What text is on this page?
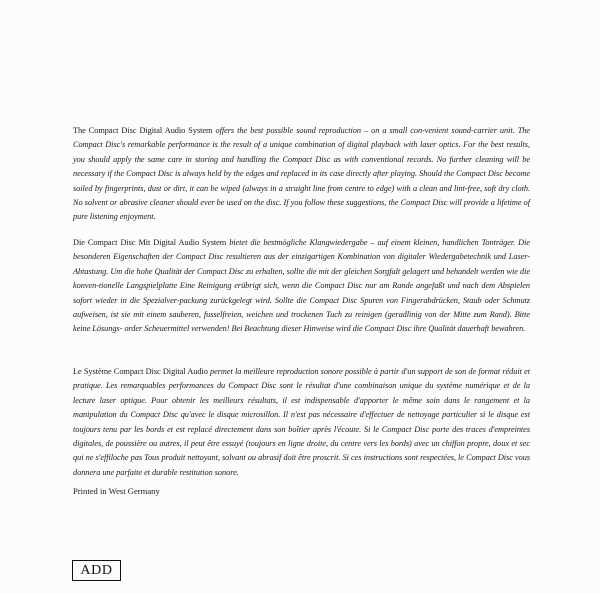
The Compact Disc Digital Audio System offers the best possible sound reproduction – on a small con-venient sound-carrier unit. The Compact Disc's remarkable performance is the result of a unique combination of digital playback with laser optics. For the best results, you should apply the same care in storing and handling the Compact Disc as with conventional records. No further cleaning will be necessary if the Compact Disc is always held by the edges and replaced in its case directly after playing. Should the Compact Disc become soiled by fingerprints, dust or dirt, it can be wiped (always in a straight line from centre to edge) with a clean and lint-free, soft dry cloth. No solvent or abrasive cleaner should ever be used on the disc. If you follow these suggestions, the Compact Disc will provide a lifetime of pure listening enjoyment.

Die Compact Disc Mit Digital Audio System bietet die bestmögliche Klangwiedergabe – auf einem kleinen, handlichen Tonträger. Die besonderen Eigenschaften der Compact Disc resultieren aus der einzigartigen Kombination von digitaler Wiedergabetechnik und Laser-Abtastung. Um die hohe Qualität der Compact Disc zu erhalten, sollte die mit der gleichen Sorgfalt gelagert und behandelt werden wie die konven-tionelle Langspielplatte Eine Reinigung erübrigt sich, wenn die Compact Disc nur am Rande angefaßt und nach dem Abspielen sofort wieder in die Spezialver-packung zurückgelegt wird. Sollte die Compact Disc Spuren von Fingerabdrücken, Staub oder Schmutz aufweisen, ist sie mit einem sauberen, fusselfreien, weichen und trockenen Tuch zu reinigen (geradlinig von der Mitte zum Rand). Bitte keine Lösungs- order Scheuermittel verwenden! Bei Beachtung dieser Hinweise wird die Compact Disc ihre Qualität dauerhaft bewahren.

Le Système Compact Disc Digital Audio permet la meilleure reproduction sonore possible à partir d'un support de son de format réduit et pratique. Les remarquables performances du Compact Disc sont le résultat d'une combinaison unique du système numérique et de la lecture laser optique. Pour obtenir les meilleurs résultats, il est indispensable d'apporter le même soin dans le rangement et la manipulation du Compact Disc qu'avec le disque microsillon. Il n'est pas nécessaire d'effectuer de nettoyage particulier si le disque est toujours tenu par les bords et est replacé directement dans son boîtier après l'écoute. Si le Compact Disc porte des traces d'empreintes digitales, de poussière ou autres, il peut être essuyé (toujours en ligne droite, du centre vers les bords) avec un chiffon propre, doux et sec qui ne s'effiloche pas Tous produit nettoyant, solvant ou abrasif doit être proscrit. Si ces instructions sont respectées, le Compact Disc vous donnera une parfaite et durable restitution sonore.

Printed in West Germany
ADD
